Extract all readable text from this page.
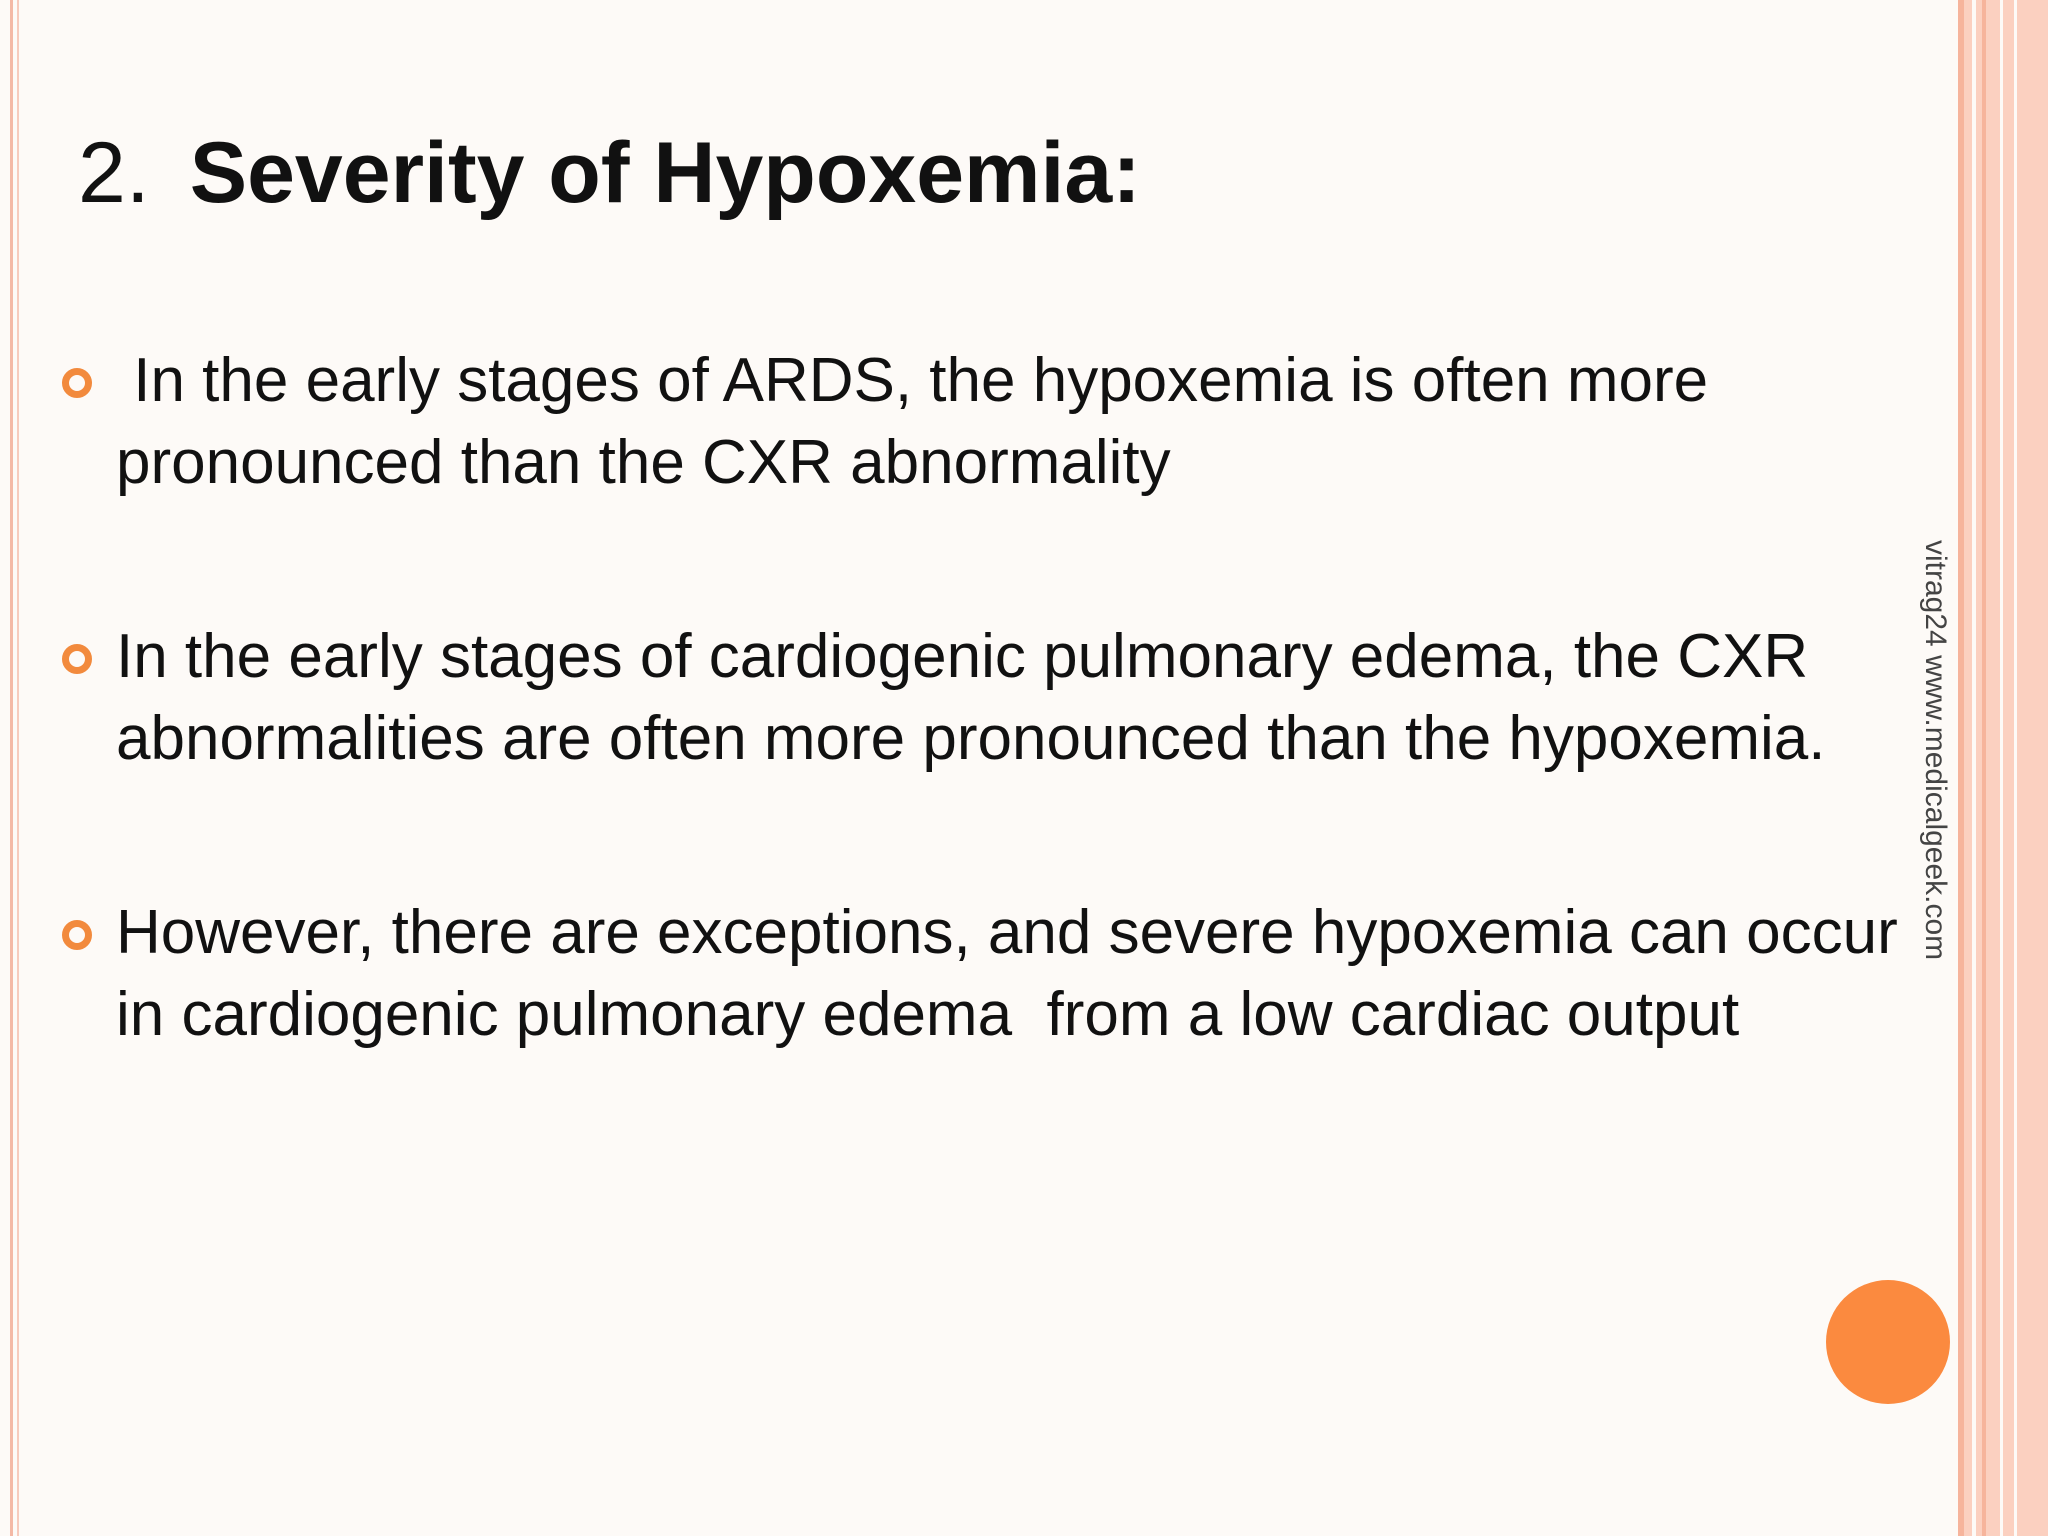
2. Severity of Hypoxemia:
In the early stages of ARDS, the hypoxemia is often more pronounced than the CXR abnormality
In the early stages of cardiogenic pulmonary edema, the CXR abnormalities are often more pronounced than the hypoxemia.
However, there are exceptions, and severe hypoxemia can occur in cardiogenic pulmonary edema  from a low cardiac output
vitrag24 www.medicalgeek.com
